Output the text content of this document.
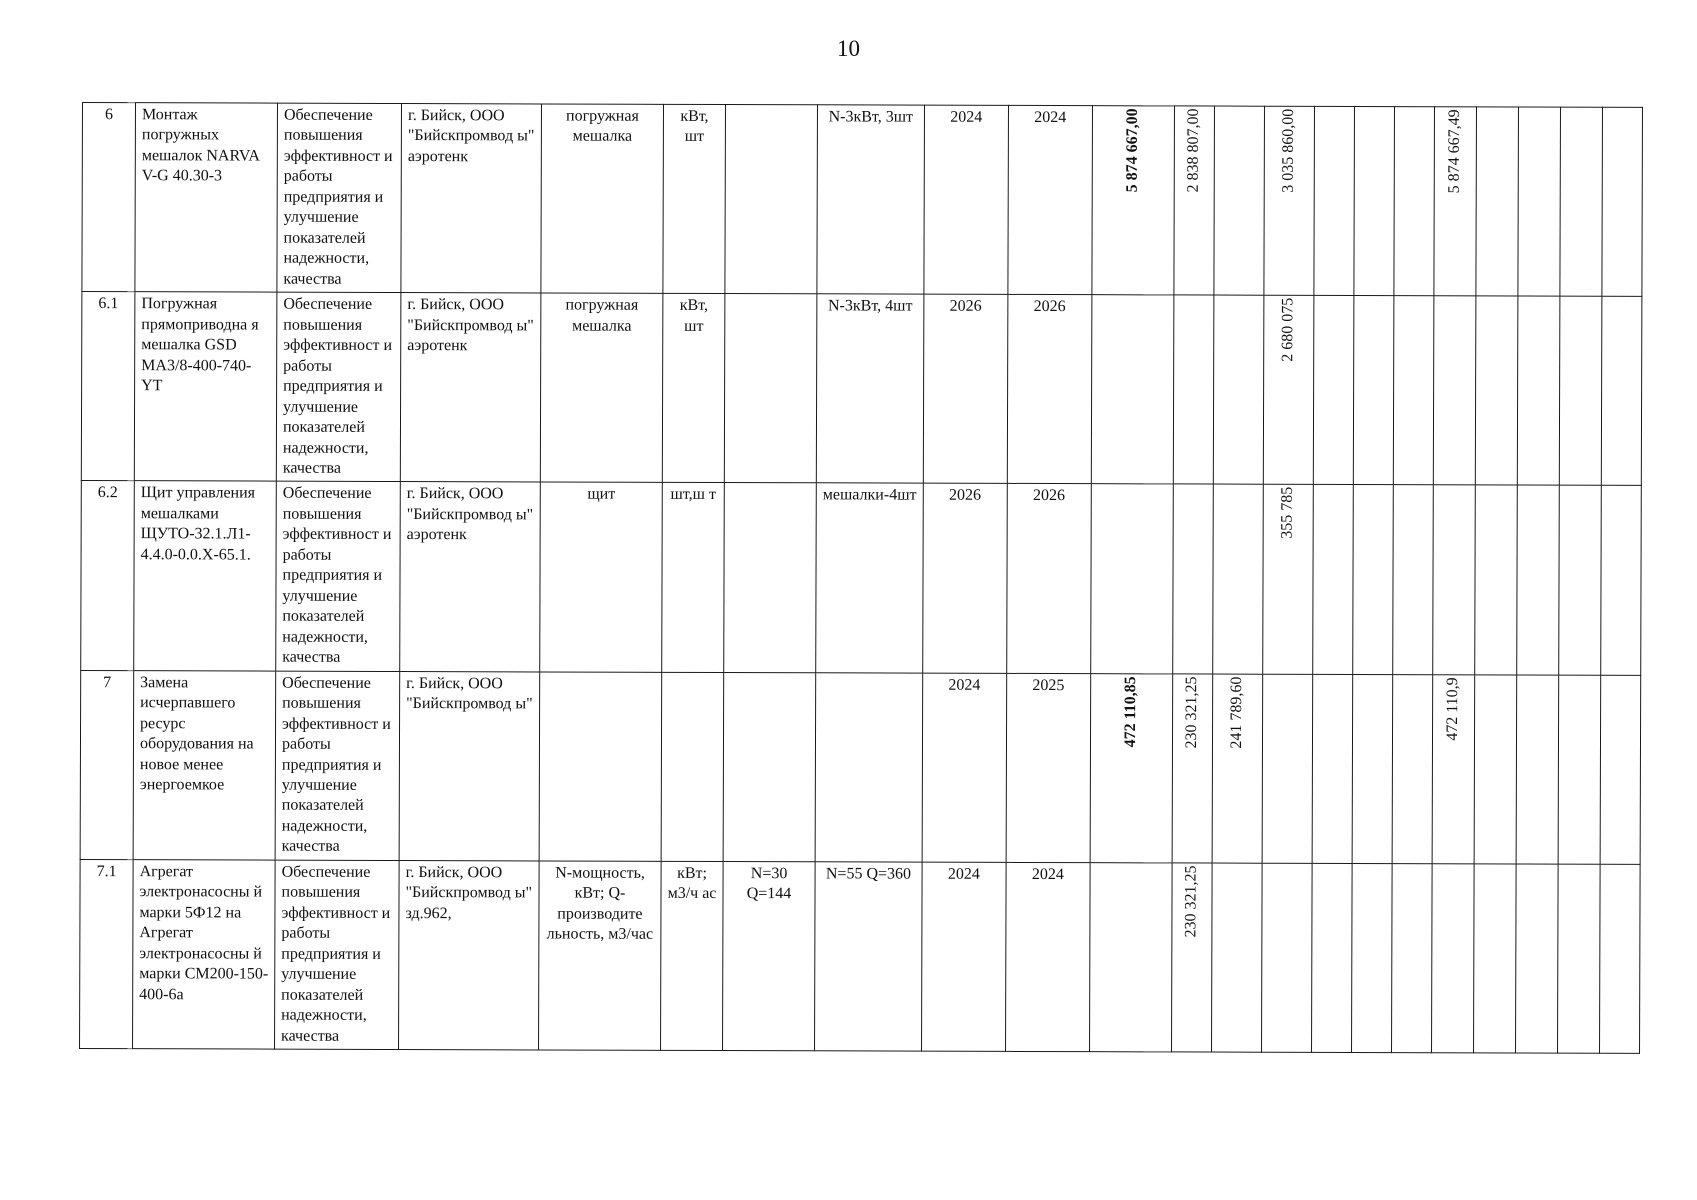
10
6	Монтаж погружных мешалок NARVA V-G 40.30-3	Обеспечение повышения эффективност и работы предприятия и улучшение показателей надежности, качества	г. Бийск, ООО "Бийскпромвод ы" аэротенк	погружная мешалка	кВт, шт		N-3кВт, 3шт	2024	2024	5 874 667,00	2 838 807,00		3 035 860,00				5 874 667,49				
6.1	Погружная прямоприводна я мешалка GSD MA3/8-400-740-YT	Обеспечение повышения эффективност и работы предприятия и улучшение показателей надежности, качества	г. Бийск, ООО "Бийскпромвод ы" аэротенк	погружная мешалка	кВт, шт		N-3кВт, 4шт	2026	2026				2 680 075								
6.2	Щит управления мешалками ЩУТО-32.1.Л1-4.4.0-0.0.Х-65.1.	Обеспечение повышения эффективност и работы предприятия и улучшение показателей надежности, качества	г. Бийск, ООО "Бийскпромвод ы" аэротенк	щит	шт,ш т		мешалки-4шт	2026	2026				355 785								
7	Замена исчерпавшего ресурс оборудования на новое менее энергоемкое	Обеспечение повышения эффективност и работы предприятия и улучшение показателей надежности, качества	г. Бийск, ООО "Бийскпромвод ы"					2024	2025	472 110,85	230 321,25	241 789,60					472 110,9				
7.1	Агрегат электронасосны й марки 5Ф12 на Агрегат электронасосны й марки СМ200-150-400-6а	Обеспечение повышения эффективност и работы предприятия и улучшение показателей надежности, качества	г. Бийск, ООО "Бийскпромвод ы" зд.962,	N-мощность, кВт; Q-производите льность, м3/час	кВт; м3/ч ас	N=30 Q=144	N=55 Q=360	2024	2024		230 321,25										
